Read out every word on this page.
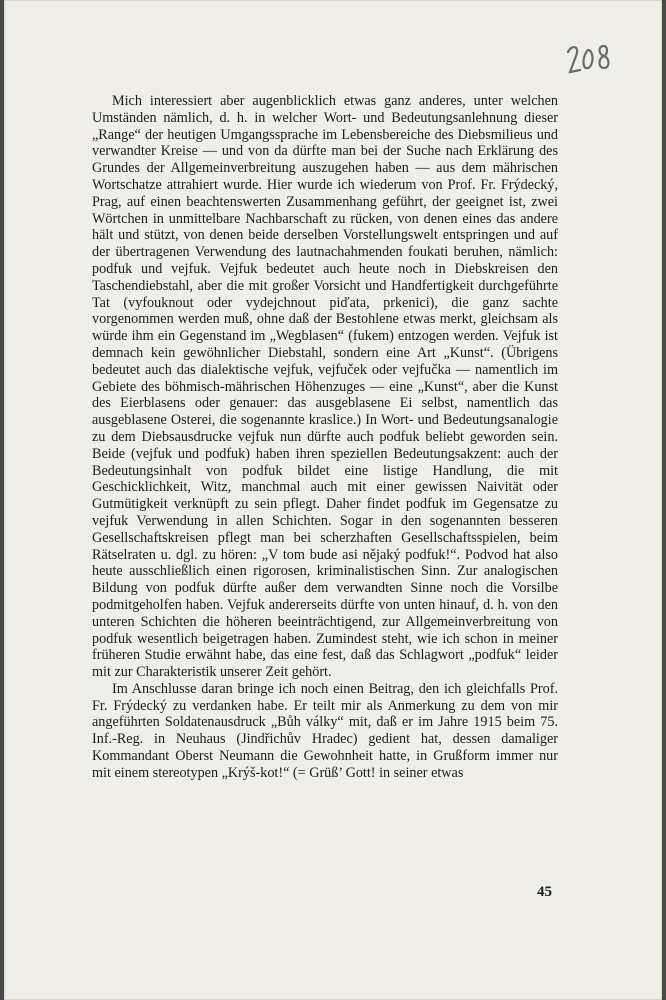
Mich interessiert aber augenblicklich etwas ganz anderes, unter welchen Umständen nämlich, d. h. in welcher Wort- und Bedeutungsanlehnung dieser „Range“ der heutigen Umgangssprache im Lebensbereiche des Diebsmilieus und verwandter Kreise — und von da dürfte man bei der Suche nach Erklärung des Grundes der Allgemeinverbreitung auszugehen haben — aus dem mährischen Wortschatze attrahiert wurde. Hier wurde ich wiederum von Prof. Fr. Frýdecký, Prag, auf einen beachtenswerten Zusammenhang geführt, der geeignet ist, zwei Wörtchen in unmittelbare Nachbarschaft zu rücken, von denen eines das andere hält und stützt, von denen beide derselben Vorstellungswelt entspringen und auf der übertragenen Verwendung des lautnachahmenden foukati beruhen, nämlich: podfuk und vejfuk. Vejfuk bedeutet auch heute noch in Diebskreisen den Taschendiebstahl, aber die mit großer Vorsicht und Handfertigkeit durchgeführte Tat (vyfouknout oder vydejchnout piďata, prkenici), die ganz sachte vorgenommen werden muß, ohne daß der Bestohlene etwas merkt, gleichsam als würde ihm ein Gegenstand im „Wegblasen“ (fukem) entzogen werden. Vejfuk ist demnach kein gewöhnlicher Diebstahl, sondern eine Art „Kunst“. (Übrigens bedeutet auch das dialektische vejfuk, vejfuček oder vejfučka — namentlich im Gebiete des böhmisch-mährischen Höhenzuges — eine „Kunst“, aber die Kunst des Eierblasens oder genauer: das ausgeblasene Ei selbst, namentlich das ausgeblasene Osterei, die sogenannte kraslice.) In Wort- und Bedeutungsanalogie zu dem Diebsausdrucke vejfuk nun dürfte auch podfuk beliebt geworden sein. Beide (vejfuk und podfuk) haben ihren speziellen Bedeutungsakzent: auch der Bedeutungsinhalt von podfuk bildet eine listige Handlung, die mit Geschicklichkeit, Witz, manchmal auch mit einer gewissen Naivität oder Gutmütigkeit verknüpft zu sein pflegt. Daher findet podfuk im Gegensatze zu vejfuk Verwendung in allen Schichten. Sogar in den sogenannten besseren Gesellschaftskreisen pflegt man bei scherzhaften Gesellschaftsspielen, beim Rätselraten u. dgl. zu hören: „V tom bude asi nějaký podfuk!“. Podvod hat also heute ausschließlich einen rigorosen, kriminalistischen Sinn. Zur analogischen Bildung von podfuk dürfte außer dem verwandten Sinne noch die Vorsilbe podmitgeholfen haben. Vejfuk andererseits dürfte von unten hinauf, d. h. von den unteren Schichten die höheren beeinträchtigend, zur Allgemeinverbreitung von podfuk wesentlich beigetragen haben. Zumindest steht, wie ich schon in meiner früheren Studie erwähnt habe, das eine fest, daß das Schlagwort „podfuk“ leider mit zur Charakteristik unserer Zeit gehört.

Im Anschlusse daran bringe ich noch einen Beitrag, den ich gleichfalls Prof. Fr. Frýdecký zu verdanken habe. Er teilt mir als Anmerkung zu dem von mir angeführten Soldatenausdruck „Bůh války“ mit, daß er im Jahre 1915 beim 75. Inf.-Reg. in Neuhaus (Jindřichův Hradec) gedient hat, dessen damaliger Kommandant Oberst Neumann die Gewohnheit hatte, in Grußform immer nur mit einem stereotypen „Krýš-kot!“ (= Grüß’ Gott! in seiner etwas

45
